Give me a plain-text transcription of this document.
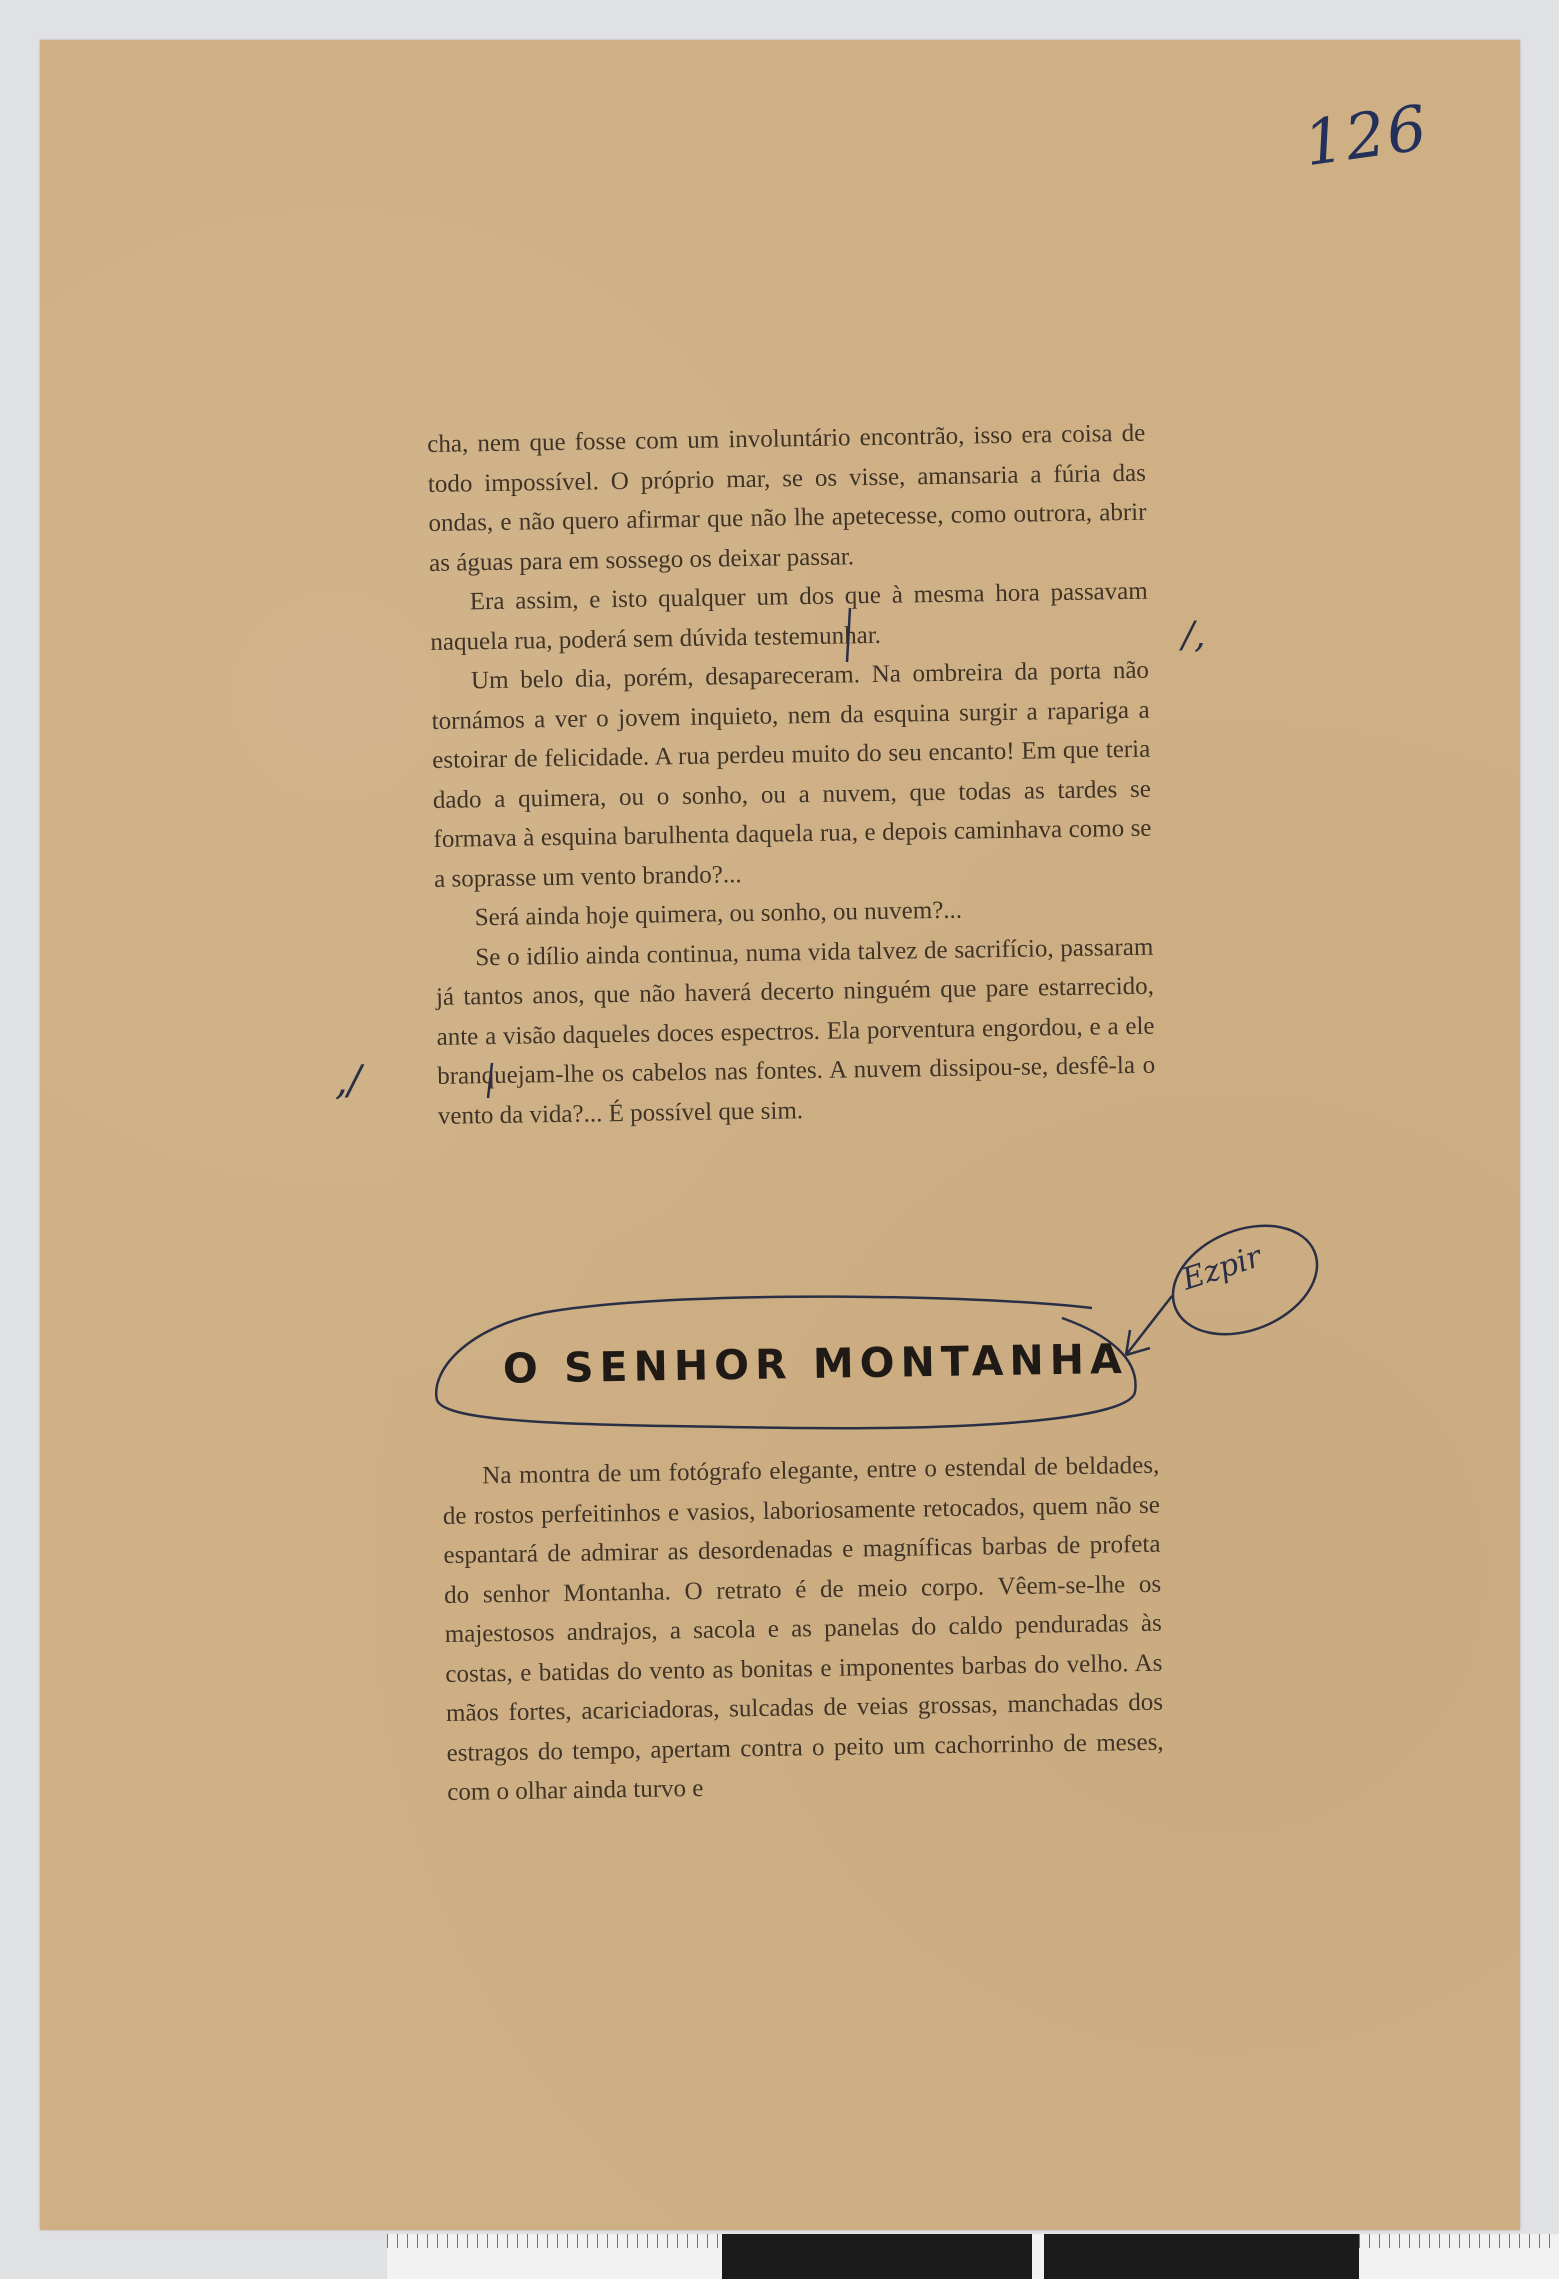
126

cha, nem que fosse com um involuntário encontrão, isso era coisa de todo impossível. O próprio mar, se os visse, amansaria a fúria das ondas, e não quero afirmar que não lhe apetecesse, como outrora, abrir as águas para em sossego os deixar passar.

Era assim, e isto qualquer um dos que à mesma hora passavam naquela rua, poderá sem dúvida testemunhar.

Um belo dia, porém, desapareceram. Na ombreira da porta não tornámos a ver o jovem inquieto, nem da esquina surgir a rapariga a estoirar de felicidade. A rua perdeu muito do seu encanto! Em que teria dado a quimera, ou o sonho, ou a nuvem, que todas as tardes se formava à esquina barulhenta daquela rua, e depois caminhava como se a soprasse um vento brando?...

Será ainda hoje quimera, ou sonho, ou nuvem?...

Se o idílio ainda continua, numa vida talvez de sacrifício, passaram já tantos anos, que não haverá decerto ninguém que pare estarrecido, ante a visão daqueles doces espectros. Ela porventura engordou, e a ele branquejam-lhe os cabelos nas fontes. A nuvem dissipou-se, desfê-la o vento da vida?... É possível que sim.

/,
,/
O SENHOR MONTANHA
Ezpir

Na montra de um fotógrafo elegante, entre o estendal de beldades, de rostos perfeitinhos e vasios, laboriosamente retocados, quem não se espantará de admirar as desordenadas e magníficas barbas de profeta do senhor Montanha. O retrato é de meio corpo. Vêem-se-lhe os majestosos andrajos, a sacola e as panelas do caldo penduradas às costas, e batidas do vento as bonitas e imponentes barbas do velho. As mãos fortes, acariciadoras, sulcadas de veias grossas, manchadas dos estragos do tempo, apertam contra o peito um cachorrinho de meses, com o olhar ainda turvo e
